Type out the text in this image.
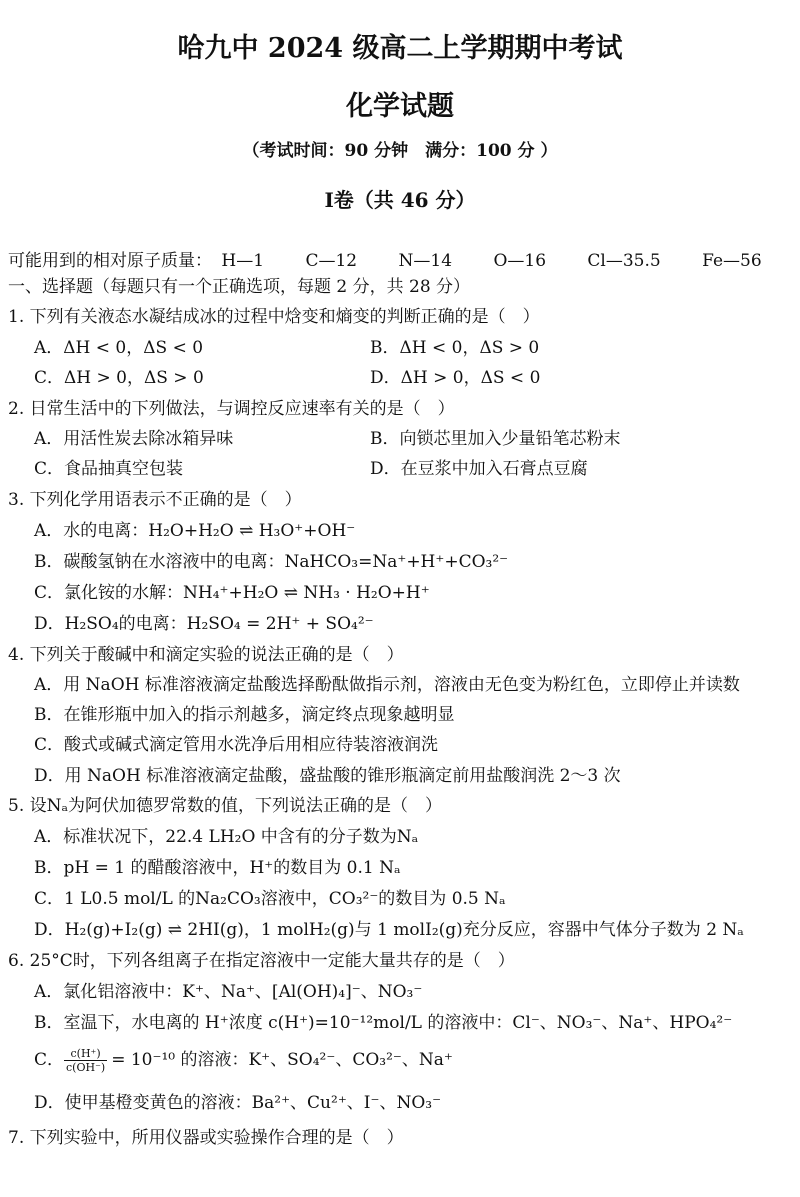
哈九中 2024 级高二上学期期中考试
化学试题
（考试时间：90 分钟　满分：100 分 ）
I卷（共 46 分）
可能用到的相对原子质量： H—1 C—12 N—14 O—16 Cl—35.5 Fe—56
一、选择题（每题只有一个正确选项，每题 2 分，共 28 分）
1. 下列有关液态水凝结成冰的过程中焓变和熵变的判断正确的是（　）
A．ΔH < 0，ΔS < 0	B．ΔH < 0，ΔS > 0
C．ΔH > 0，ΔS > 0	D．ΔH > 0，ΔS < 0
2. 日常生活中的下列做法，与调控反应速率有关的是（　）
A．用活性炭去除冰箱异味	B．向锁芯里加入少量铅笔芯粉末
C．食品抽真空包装	D．在豆浆中加入石膏点豆腐
3. 下列化学用语表示不正确的是（　）
A．水的电离：H₂O+H₂O ⇌ H₃O⁺+OH⁻
B．碳酸氢钠在水溶液中的电离：NaHCO₃=Na⁺+H⁺+CO₃²⁻
C．氯化铵的水解：NH₄⁺+H₂O ⇌ NH₃ · H₂O+H⁺
D．H₂SO₄的电离：H₂SO₄ = 2H⁺ + SO₄²⁻
4. 下列关于酸碱中和滴定实验的说法正确的是（　）
A．用 NaOH 标准溶液滴定盐酸选择酚酞做指示剂，溶液由无色变为粉红色，立即停止并读数
B．在锥形瓶中加入的指示剂越多，滴定终点现象越明显
C．酸式或碱式滴定管用水洗净后用相应待装溶液润洗
D．用 NaOH 标准溶液滴定盐酸，盛盐酸的锥形瓶滴定前用盐酸润洗 2～3 次
5. 设Nₐ为阿伏加德罗常数的值，下列说法正确的是（　）
A．标准状况下，22.4 LH₂O 中含有的分子数为Nₐ
B．pH = 1 的醋酸溶液中，H⁺的数目为 0.1 Nₐ
C．1 L0.5 mol/L 的Na₂CO₃溶液中，CO₃²⁻的数目为 0.5 Nₐ
D．H₂(g)+I₂(g) ⇌ 2HI(g)，1 molH₂(g)与 1 molI₂(g)充分反应，容器中气体分子数为 2 Nₐ
6. 25°C时，下列各组离子在指定溶液中一定能大量共存的是（　）
A．氯化铝溶液中：K⁺、Na⁺、[Al(OH)₄]⁻、NO₃⁻
B．室温下，水电离的 H⁺浓度 c(H⁺)=10⁻¹²mol/L 的溶液中：Cl⁻、NO₃⁻、Na⁺、HPO₄²⁻
C． $\frac{c(H^+)}{c(OH^-)} = 10^{-10}$ 的溶液：K⁺、SO₄²⁻、CO₃²⁻、Na⁺
D．使甲基橙变黄色的溶液：Ba²⁺、Cu²⁺、I⁻、NO₃⁻
7. 下列实验中，所用仪器或实验操作合理的是（　）
